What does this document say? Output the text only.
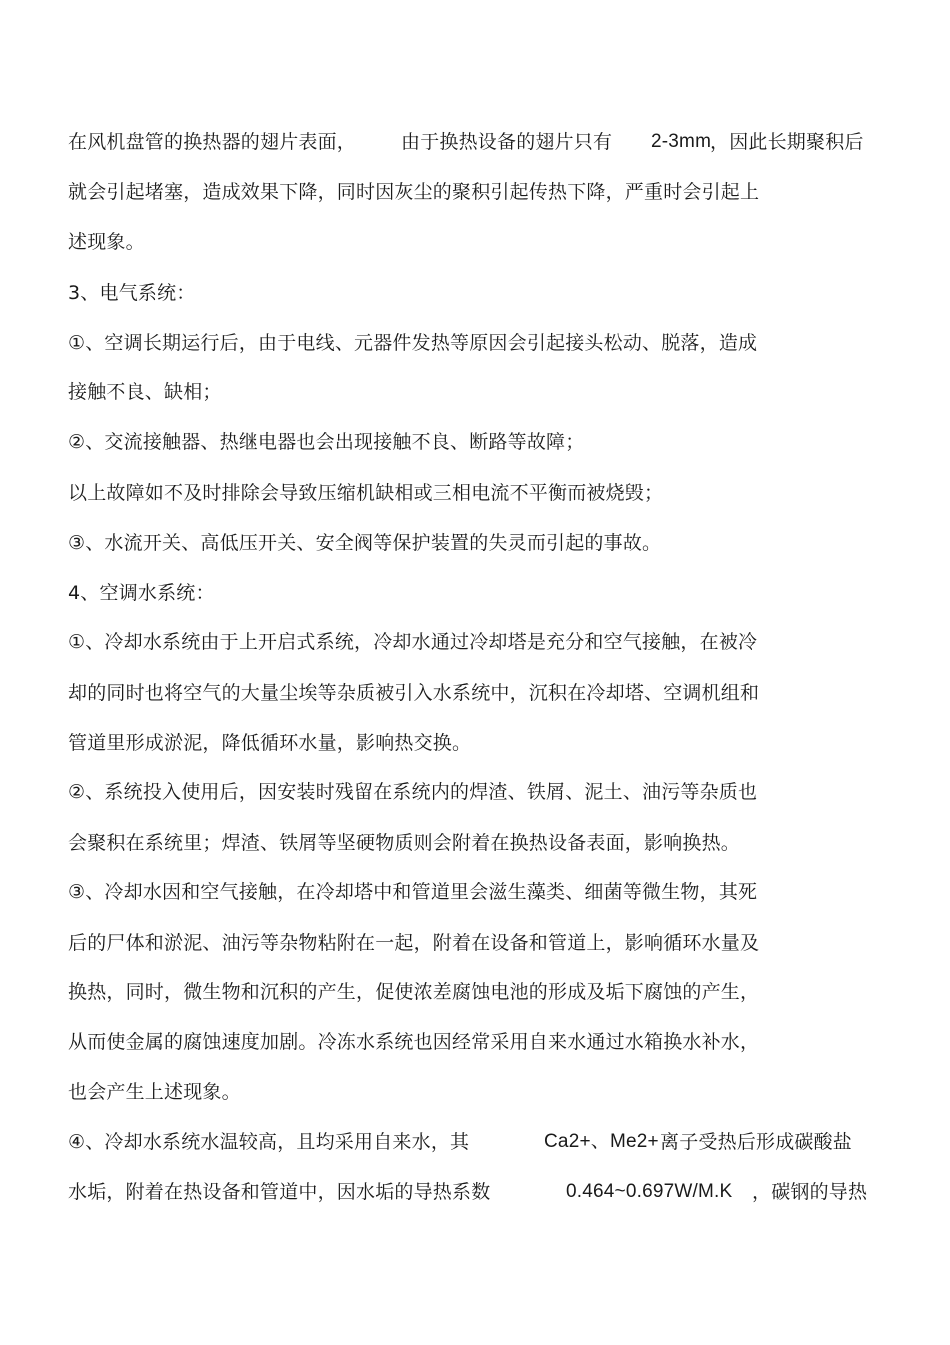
在风机盘管的换热器的翅片表面， 由于换热设备的翅片只有 2-3mm
，因此长期聚积后
就会引起堵塞，造成效果下降，同时因灰尘的聚积引起传热下降，严重时会引起上
述现象。
3、电气系统：
①、空调长期运行后，由于电线、元器件发热等原因会引起接头松动、脱落，造成
接触不良、缺相；
②、交流接触器、热继电器也会出现接触不良、断路等故障；
以上故障如不及时排除会导致压缩机缺相或三相电流不平衡而被烧毁；
③、水流开关、高低压开关、安全阀等保护装置的失灵而引起的事故。
4、空调水系统：
①、冷却水系统由于上开启式系统，冷却水通过冷却塔是充分和空气接触，在被冷
却的同时也将空气的大量尘埃等杂质被引入水系统中，沉积在冷却塔、空调机组和
管道里形成淤泥，降低循环水量，影响热交换。
②、系统投入使用后，因安装时残留在系统内的焊渣、铁屑、泥土、油污等杂质也
会聚积在系统里；焊渣、铁屑等坚硬物质则会附着在换热设备表面，影响换热。
③、冷却水因和空气接触，在冷却塔中和管道里会滋生藻类、细菌等微生物，其死
后的尸体和淤泥、油污等杂物粘附在一起，附着在设备和管道上，影响循环水量及
换热，同时，微生物和沉积的产生，促使浓差腐蚀电池的形成及垢下腐蚀的产生，
从而使金属的腐蚀速度加剧。冷冻水系统也因经常采用自来水通过水箱换水补水，
也会产生上述现象。
④、冷却水系统水温较高，且均采用自来水，其	Ca2+、Me2+ 离子受热后形成碳酸盐
水垢，附着在热设备和管道中，因水垢的导热系数	0.464~0.697W/M.K ，碳钢的导热
